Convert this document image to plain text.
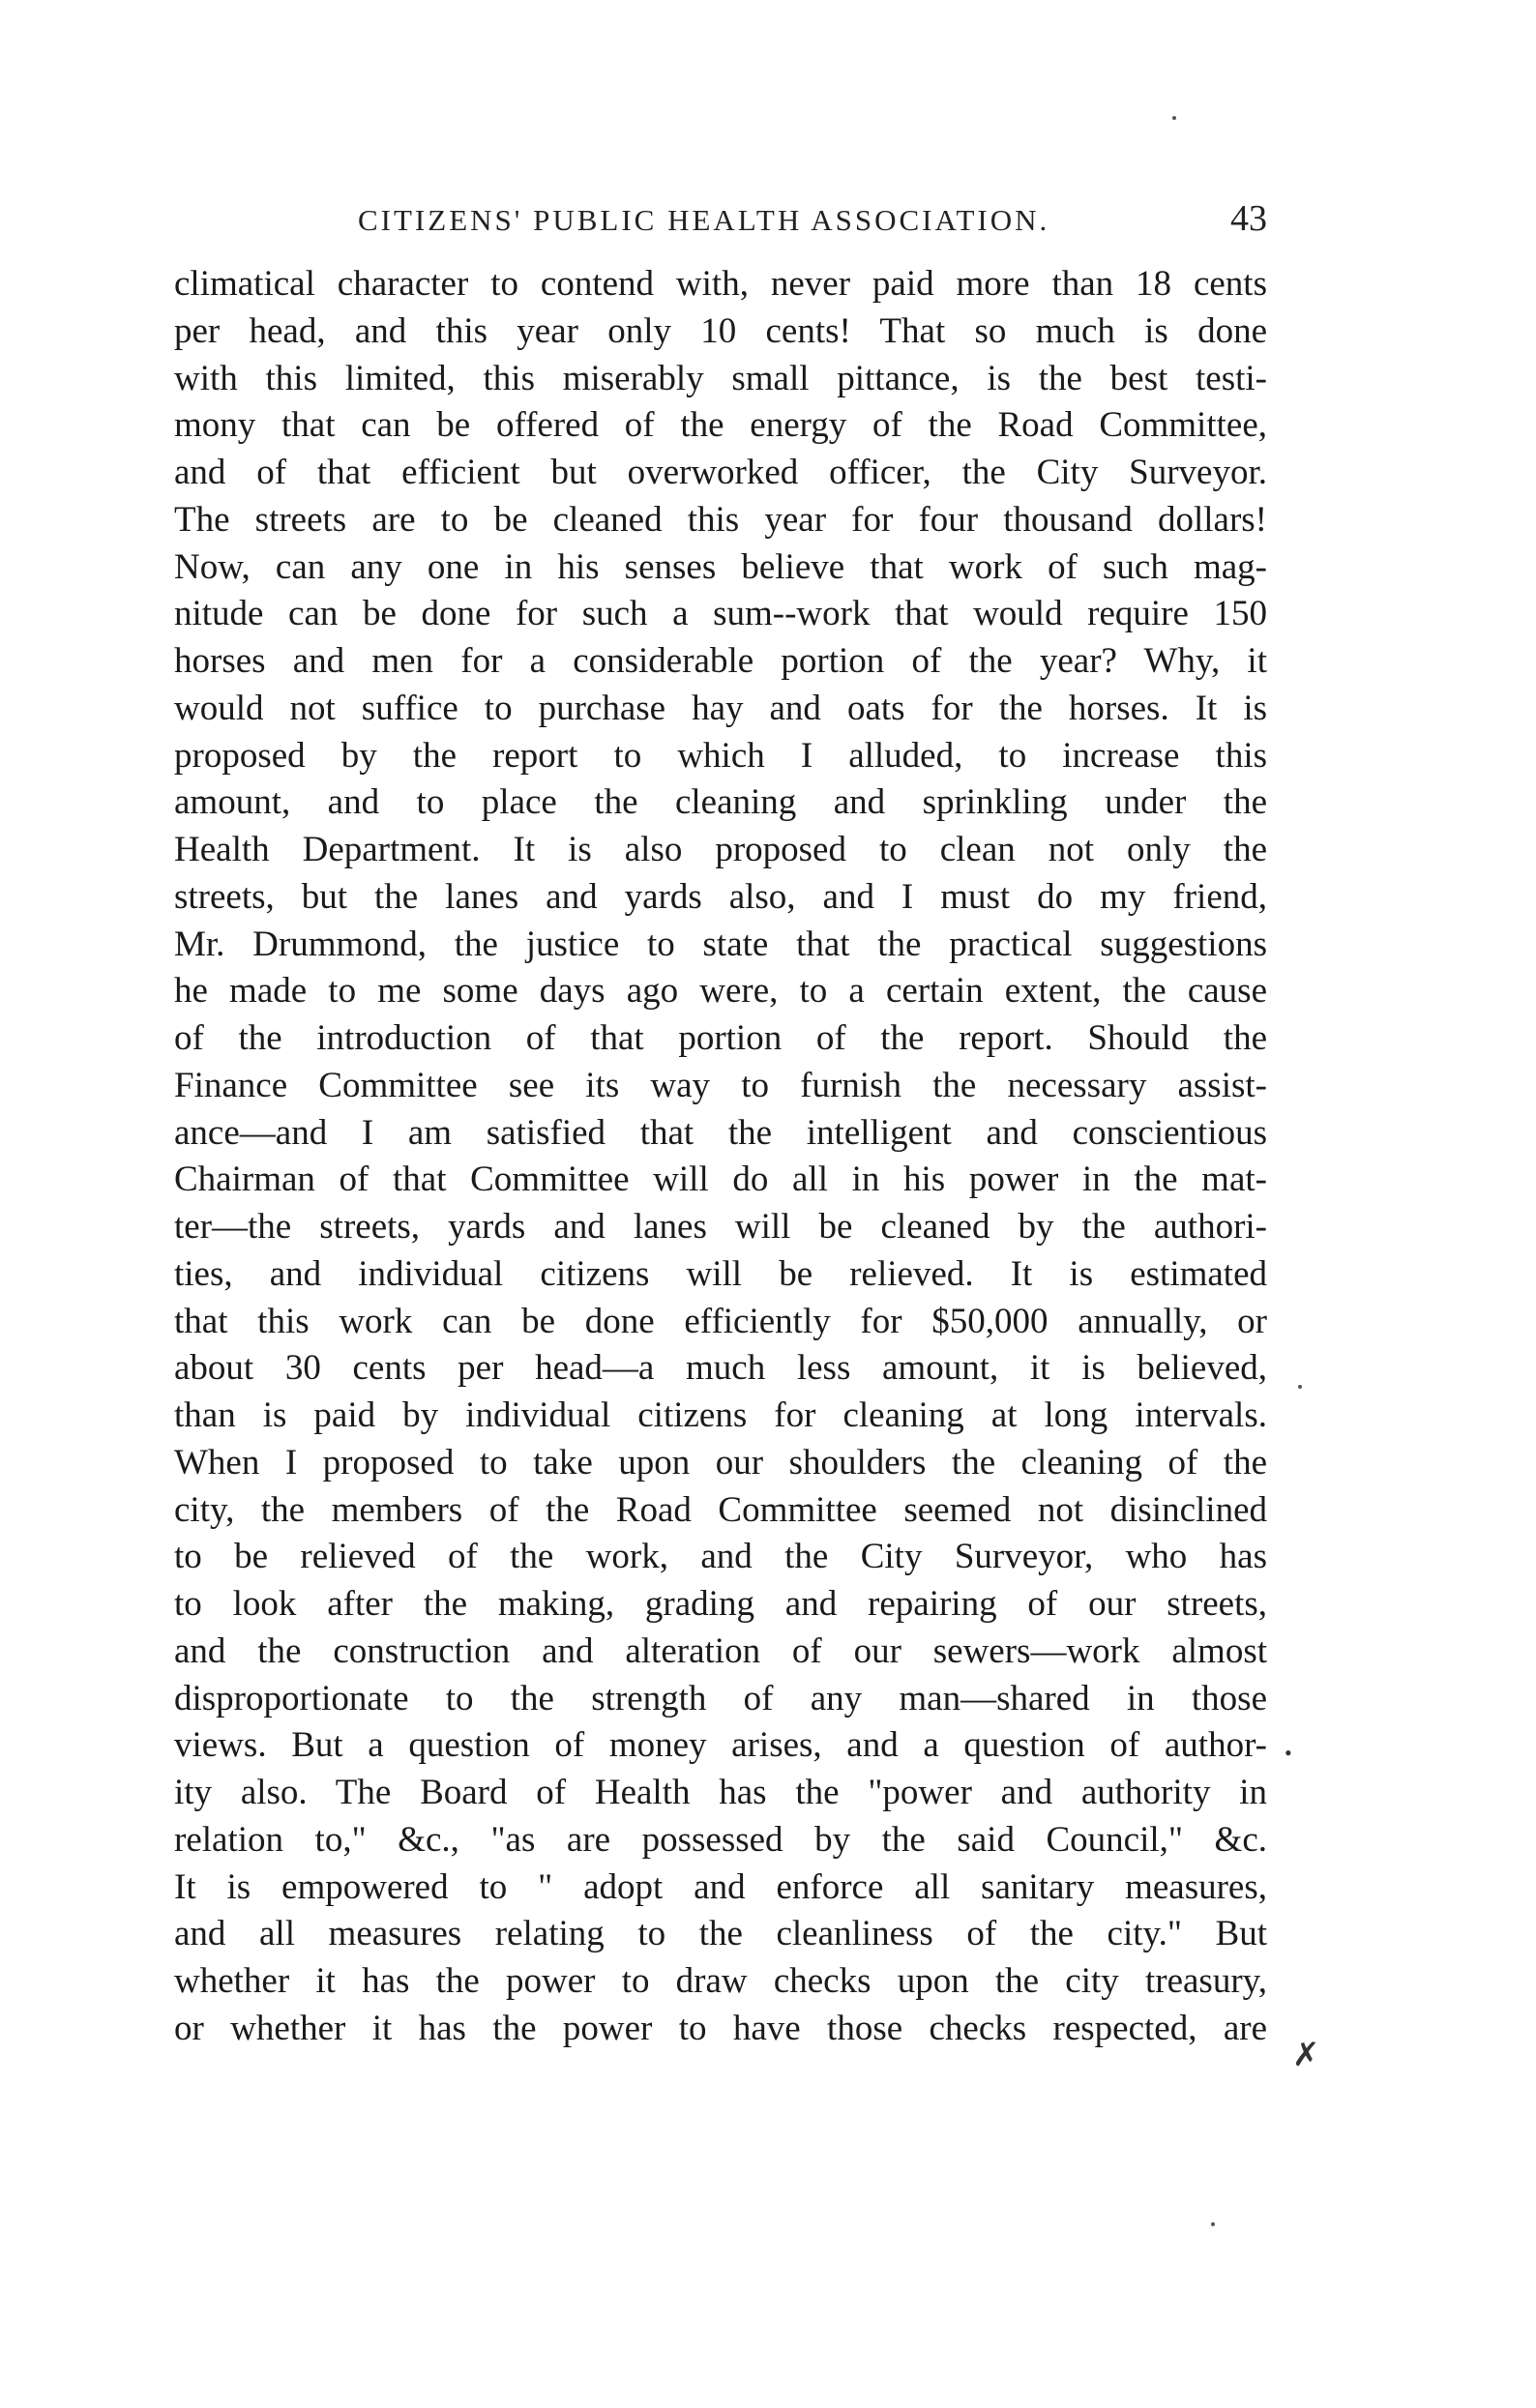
CITIZENS' PUBLIC HEALTH ASSOCIATION.	43
climatical character to contend with, never paid more than 18 cents
per head, and this year only 10 cents! That so much is done
with this limited, this miserably small pittance, is the best testi-
mony that can be offered of the energy of the Road Committee,
and of that efficient but overworked officer, the City Surveyor.
The streets are to be cleaned this year for four thousand dollars!
Now, can any one in his senses believe that work of such mag-
nitude can be done for such a sum--work that would require 150
horses and men for a considerable portion of the year? Why, it
would not suffice to purchase hay and oats for the horses. It is
proposed by the report to which I alluded, to increase this
amount, and to place the cleaning and sprinkling under the
Health Department. It is also proposed to clean not only the
streets, but the lanes and yards also, and I must do my friend,
Mr. Drummond, the justice to state that the practical suggestions
he made to me some days ago were, to a certain extent, the cause
of the introduction of that portion of the report. Should the
Finance Committee see its way to furnish the necessary assist-
ance—and I am satisfied that the intelligent and conscientious
Chairman of that Committee will do all in his power in the mat-
ter—the streets, yards and lanes will be cleaned by the authori-
ties, and individual citizens will be relieved. It is estimated
that this work can be done efficiently for $50,000 annually, or
about 30 cents per head—a much less amount, it is believed,
than is paid by individual citizens for cleaning at long intervals.
When I proposed to take upon our shoulders the cleaning of the
city, the members of the Road Committee seemed not disinclined
to be relieved of the work, and the City Surveyor, who has
to look after the making, grading and repairing of our streets,
and the construction and alteration of our sewers—work almost
disproportionate to the strength of any man—shared in those
views. But a question of money arises, and a question of author-
ity also. The Board of Health has the "power and authority in
relation to," &c., "as are possessed by the said Council," &c.
It is empowered to " adopt and enforce all sanitary measures,
and all measures relating to the cleanliness of the city." But
whether it has the power to draw checks upon the city treasury,
or whether it has the power to have those checks respected, are
•
✗
